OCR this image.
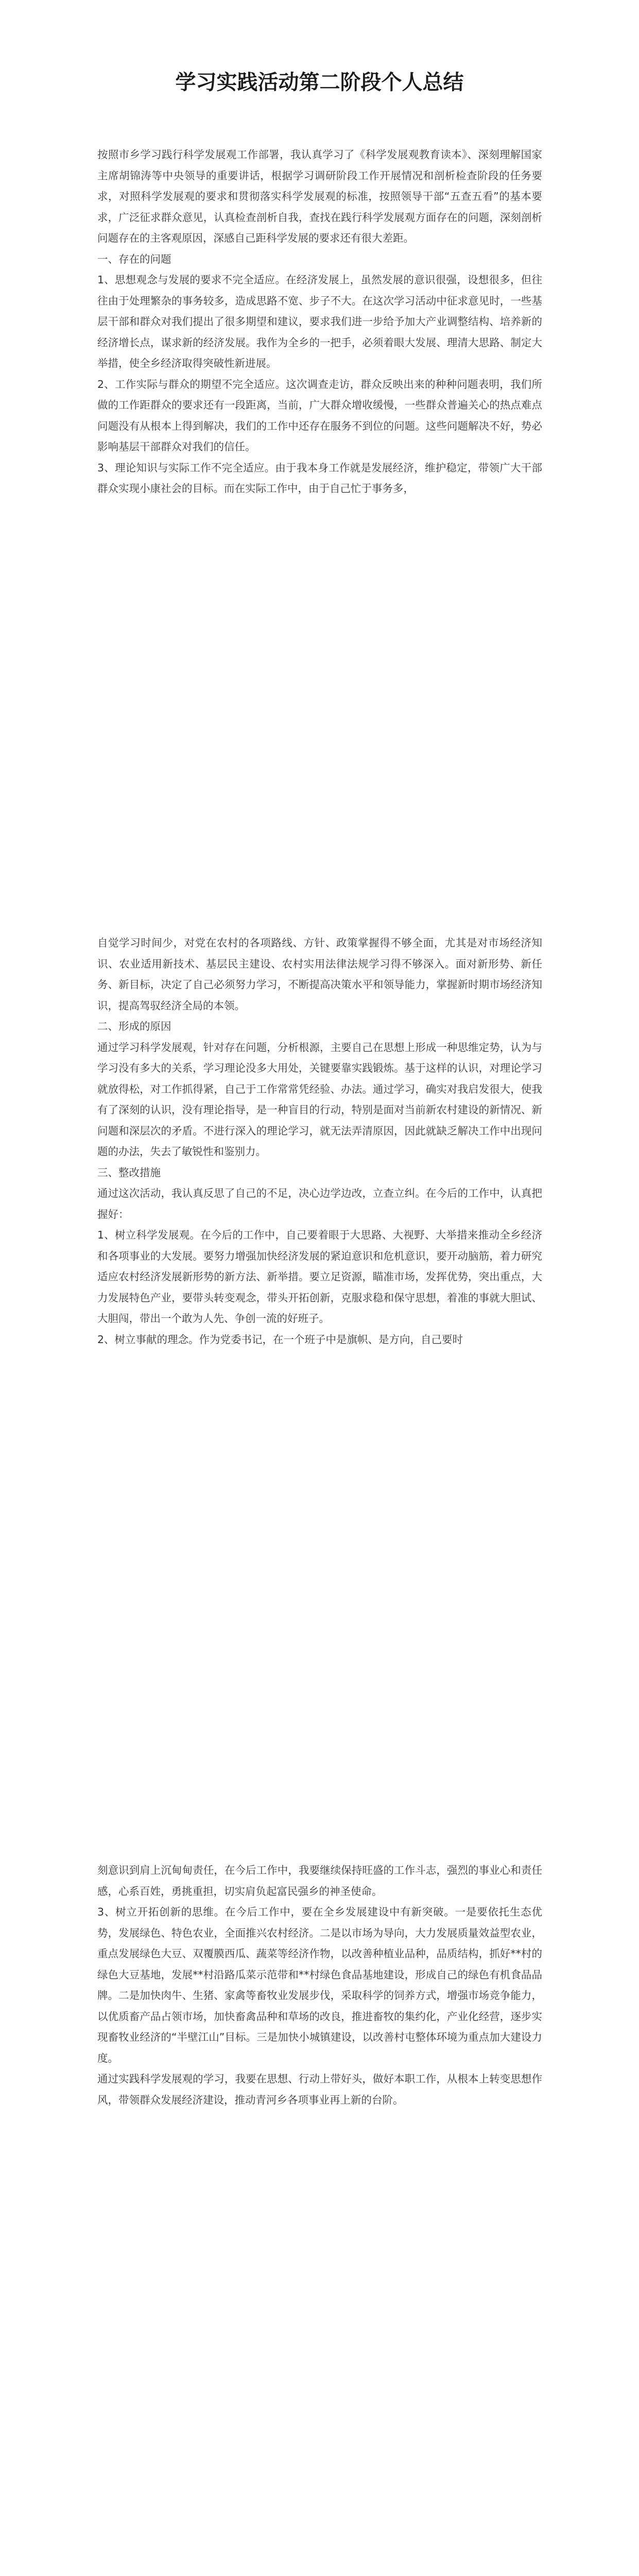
学习实践活动第二阶段个人总结

按照市乡学习践行科学发展观工作部署，我认真学习了《科学发展观教育读本》、深刻理解国家主席胡锦涛等中央领导的重要讲话，根据学习调研阶段工作开展情况和剖析检查阶段的任务要求，对照科学发展观的要求和贯彻落实科学发展观的标准，按照领导干部“五查五看”的基本要求，广泛征求群众意见，认真检查剖析自我，查找在践行科学发展观方面存在的问题，深刻剖析问题存在的主客观原因，深感自己距科学发展的要求还有很大差距。

一、存在的问题

1、思想观念与发展的要求不完全适应。在经济发展上，虽然发展的意识很强，设想很多，但往往由于处理繁杂的事务较多，造成思路不宽、步子不大。在这次学习活动中征求意见时，一些基层干部和群众对我们提出了很多期望和建议，要求我们进一步给予加大产业调整结构、培养新的经济增长点，谋求新的经济发展。我作为全乡的一把手，必须着眼大发展、理清大思路、制定大举措，使全乡经济取得突破性新进展。

2、工作实际与群众的期望不完全适应。这次调查走访，群众反映出来的种种问题表明，我们所做的工作距群众的要求还有一段距离，当前，广大群众增收缓慢，一些群众普遍关心的热点难点问题没有从根本上得到解决，我们的工作中还存在服务不到位的问题。这些问题解决不好，势必影响基层干部群众对我们的信任。

3、理论知识与实际工作不完全适应。由于我本身工作就是发展经济，维护稳定，带领广大干部群众实现小康社会的目标。而在实际工作中，由于自己忙于事务多，

自觉学习时间少，对党在农村的各项路线、方针、政策掌握得不够全面，尤其是对市场经济知识、农业适用新技术、基层民主建设、农村实用法律法规学习得不够深入。面对新形势、新任务、新目标，决定了自己必须努力学习，不断提高决策水平和领导能力，掌握新时期市场经济知识，提高驾驭经济全局的本领。

二、形成的原因

通过学习科学发展观，针对存在问题，分析根源，主要自己在思想上形成一种思维定势，认为与学习没有多大的关系，学习理论没多大用处，关键要靠实践锻炼。基于这样的认识，对理论学习就放得松，对工作抓得紧，自己于工作常常凭经验、办法。通过学习，确实对我启发很大，使我有了深刻的认识，没有理论指导，是一种盲目的行动，特别是面对当前新农村建设的新情况、新问题和深层次的矛盾。不进行深入的理论学习，就无法弄清原因，因此就缺乏解决工作中出现问题的办法，失去了敏锐性和鉴别力。

三、整改措施

通过这次活动，我认真反思了自己的不足，决心边学边改，立查立纠。在今后的工作中，认真把握好：

1、树立科学发展观。在今后的工作中，自己要着眼于大思路、大视野、大举措来推动全乡经济和各项事业的大发展。要努力增强加快经济发展的紧迫意识和危机意识，要开动脑筋，着力研究适应农村经济发展新形势的新方法、新举措。要立足资源，瞄准市场，发挥优势，突出重点，大力发展特色产业，要带头转变观念，带头开拓创新，克服求稳和保守思想，着准的事就大胆试、大胆闯，带出一个敢为人先、争创一流的好班子。

2、树立事献的理念。作为党委书记，在一个班子中是旗帜、是方向，自己要时

刻意识到肩上沉甸甸责任，在今后工作中，我要继续保持旺盛的工作斗志，强烈的事业心和责任感，心系百姓，勇挑重担，切实肩负起富民强乡的神圣使命。

3、树立开拓创新的思维。在今后工作中，要在全乡发展建设中有新突破。一是要依托生态优势，发展绿色、特色农业，全面推兴农村经济。二是以市场为导向，大力发展质量效益型农业，重点发展绿色大豆、双覆膜西瓜、蔬菜等经济作物，以改善种植业品种，品质结构，抓好**村的绿色大豆基地，发展**村沿路瓜菜示范带和**村绿色食品基地建设，形成自己的绿色有机食品品牌。二是加快肉牛、生猪、家禽等畜牧业发展步伐，采取科学的饲养方式，增强市场竞争能力，以优质畜产品占领市场，加快畜禽品种和草场的改良，推进畜牧的集约化，产业化经营，逐步实现畜牧业经济的“半壁江山”目标。三是加快小城镇建设，以改善村屯整体环境为重点加大建设力度。

通过实践科学发展观的学习，我要在思想、行动上带好头，做好本职工作，从根本上转变思想作风，带领群众发展经济建设，推动青河乡各项事业再上新的台阶。
